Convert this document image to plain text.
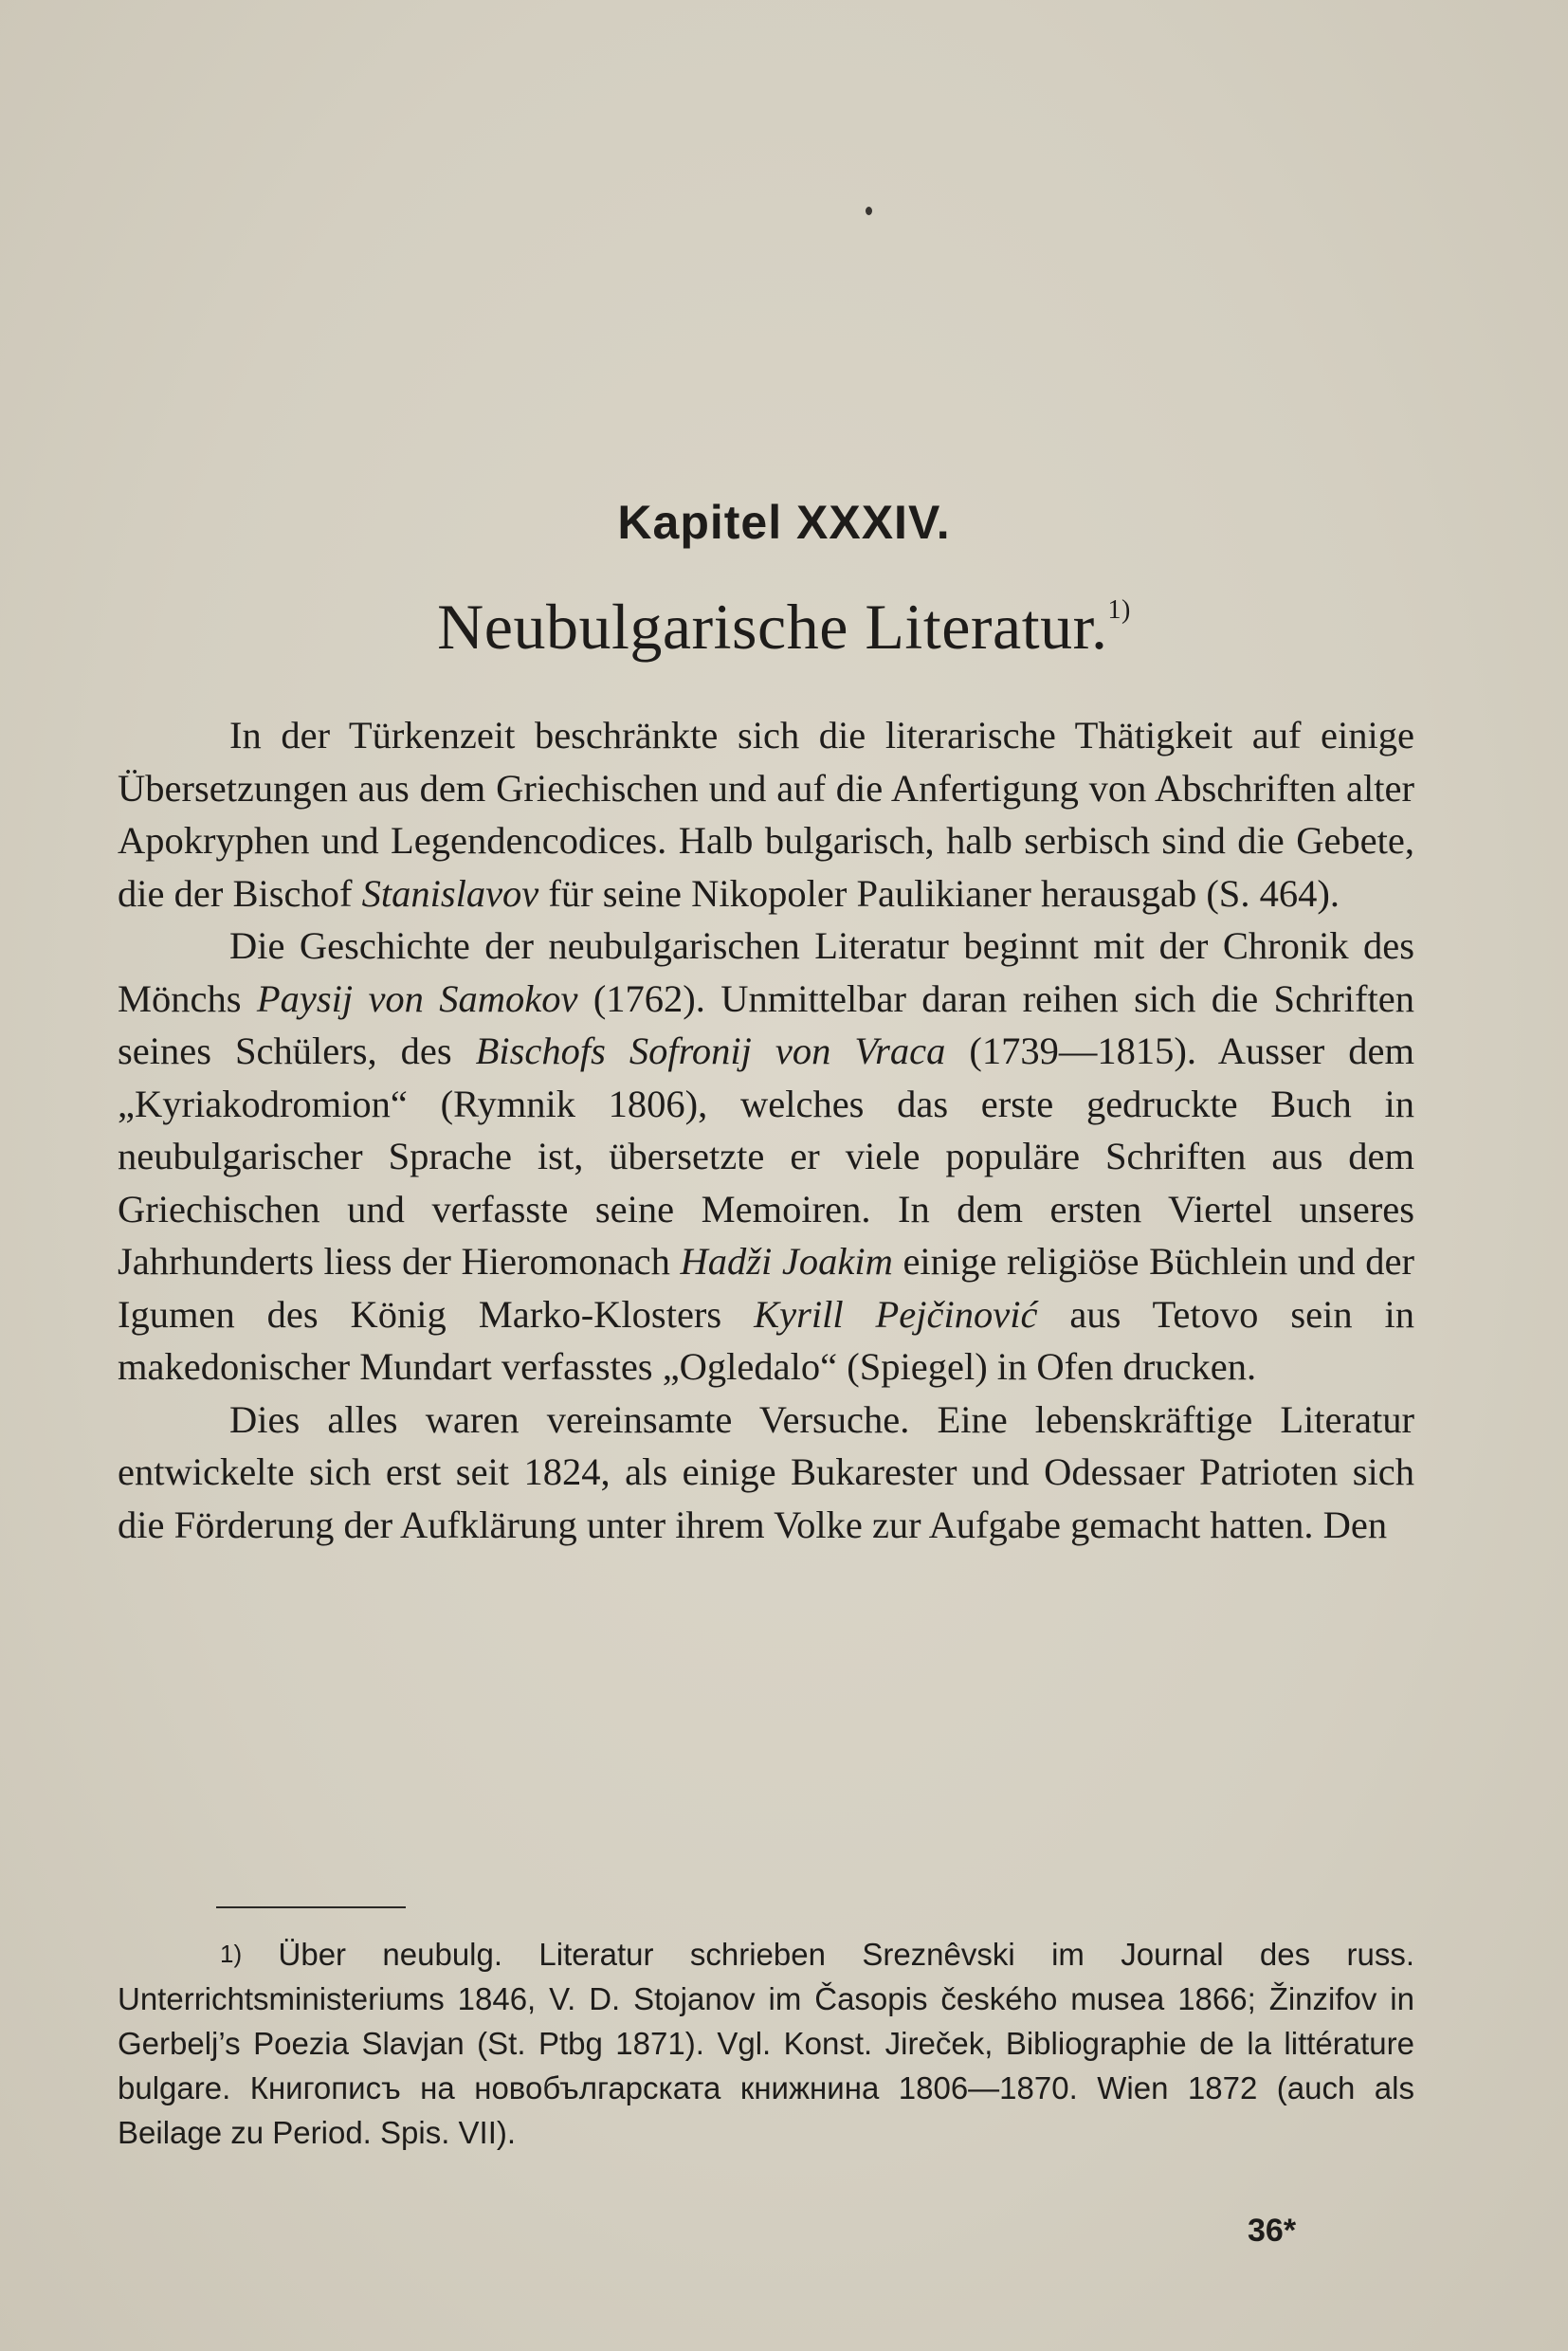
Kapitel XXXIV.
Neubulgarische Literatur.$^{1)}$

In der Türkenzeit beschränkte sich die literarische Thätigkeit auf einige Übersetzungen aus dem Griechischen und auf die Anfertigung von Abschriften alter Apokryphen und Legendencodices. Halb bulgarisch, halb serbisch sind die Gebete, die der Bischof Stanislavov für seine Nikopoler Paulikianer herausgab (S. 464).

Die Geschichte der neubulgarischen Literatur beginnt mit der Chronik des Mönchs Paysij von Samokov (1762). Unmittelbar daran reihen sich die Schriften seines Schülers, des Bischofs Sofronij von Vraca (1739—1815). Ausser dem „Kyriakodromion“ (Rymnik 1806), welches das erste gedruckte Buch in neubulgarischer Sprache ist, übersetzte er viele populäre Schriften aus dem Griechischen und verfasste seine Memoiren. In dem ersten Viertel unseres Jahrhunderts liess der Hieromonach Hadži Joakim einige religiöse Büchlein und der Igumen des König Marko-Klosters Kyrill Pejčinović aus Tetovo sein in makedonischer Mundart verfasstes „Ogledalo“ (Spiegel) in Ofen drucken.

Dies alles waren vereinsamte Versuche. Eine lebenskräftige Literatur entwickelte sich erst seit 1824, als einige Bukarester und Odessaer Patrioten sich die Förderung der Aufklärung unter ihrem Volke zur Aufgabe gemacht hatten. Den

$^{1)}$ Über neubulg. Literatur schrieben Sreznêvski im Journal des russ. Unterrichtsministeriums 1846, V. D. Stojanov im Časopis českého musea 1866; Žinzifov in Gerbelj’s Poezia Slavjan (St. Ptbg 1871). Vgl. Konst. Jireček, Bibliographie de la littérature bulgare. Книгописъ на новобългарската книжнина 1806—1870. Wien 1872 (auch als Beilage zu Period. Spis. VII).
36*
